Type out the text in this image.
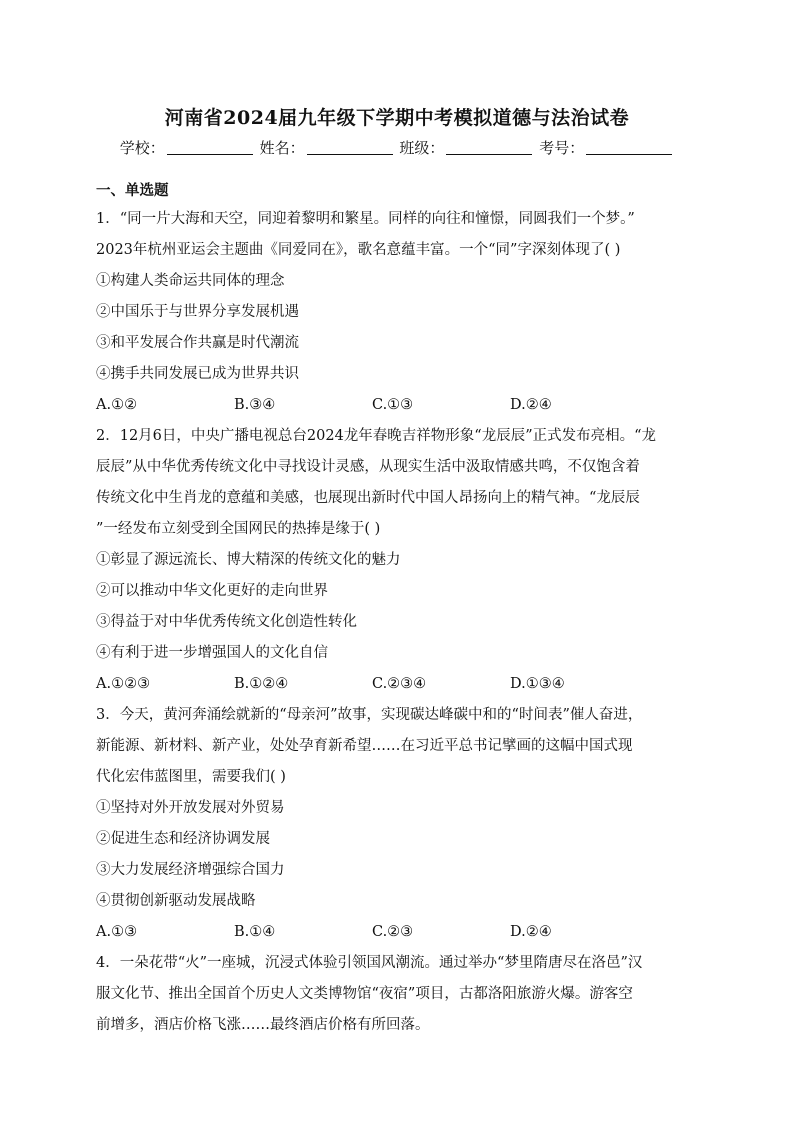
河南省2024届九年级下学期中考模拟道德与法治试卷
学校：	姓名：	班级：	考号：
一、单选题

1．“同一片大海和天空，同迎着黎明和繁星。同样的向往和憧憬，同圆我们一个梦。”

2023年杭州亚运会主题曲《同爱同在》，歌名意蕴丰富。一个“同”字深刻体现了( )

①构建人类命运共同体的理念

②中国乐于与世界分享发展机遇

③和平发展合作共赢是时代潮流

④携手共同发展已成为世界共识

A.①②	B.③④	C.①③	D.②④

2．12月6日，中央广播电视总台2024龙年春晚吉祥物形象“龙辰辰”正式发布亮相。“龙

辰辰”从中华优秀传统文化中寻找设计灵感，从现实生活中汲取情感共鸣，不仅饱含着

传统文化中生肖龙的意蕴和美感，也展现出新时代中国人昂扬向上的精气神。“龙辰辰

”一经发布立刻受到全国网民的热捧是缘于( )

①彰显了源远流长、博大精深的传统文化的魅力

②可以推动中华文化更好的走向世界

③得益于对中华优秀传统文化创造性转化

④有利于进一步增强国人的文化自信

A.①②③	B.①②④	C.②③④	D.①③④

3．今天，黄河奔涌绘就新的“母亲河”故事，实现碳达峰碳中和的“时间表”催人奋进，

新能源、新材料、新产业，处处孕育新希望……在习近平总书记擘画的这幅中国式现

代化宏伟蓝图里，需要我们( )

①坚持对外开放发展对外贸易

②促进生态和经济协调发展

③大力发展经济增强综合国力

④贯彻创新驱动发展战略

A.①③	B.①④	C.②③	D.②④

4．一朵花带“火”一座城，沉浸式体验引领国风潮流。通过举办“梦里隋唐尽在洛邑”汉

服文化节、推出全国首个历史人文类博物馆“夜宿”项目，古都洛阳旅游火爆。游客空

前增多，酒店价格飞涨……最终酒店价格有所回落。
